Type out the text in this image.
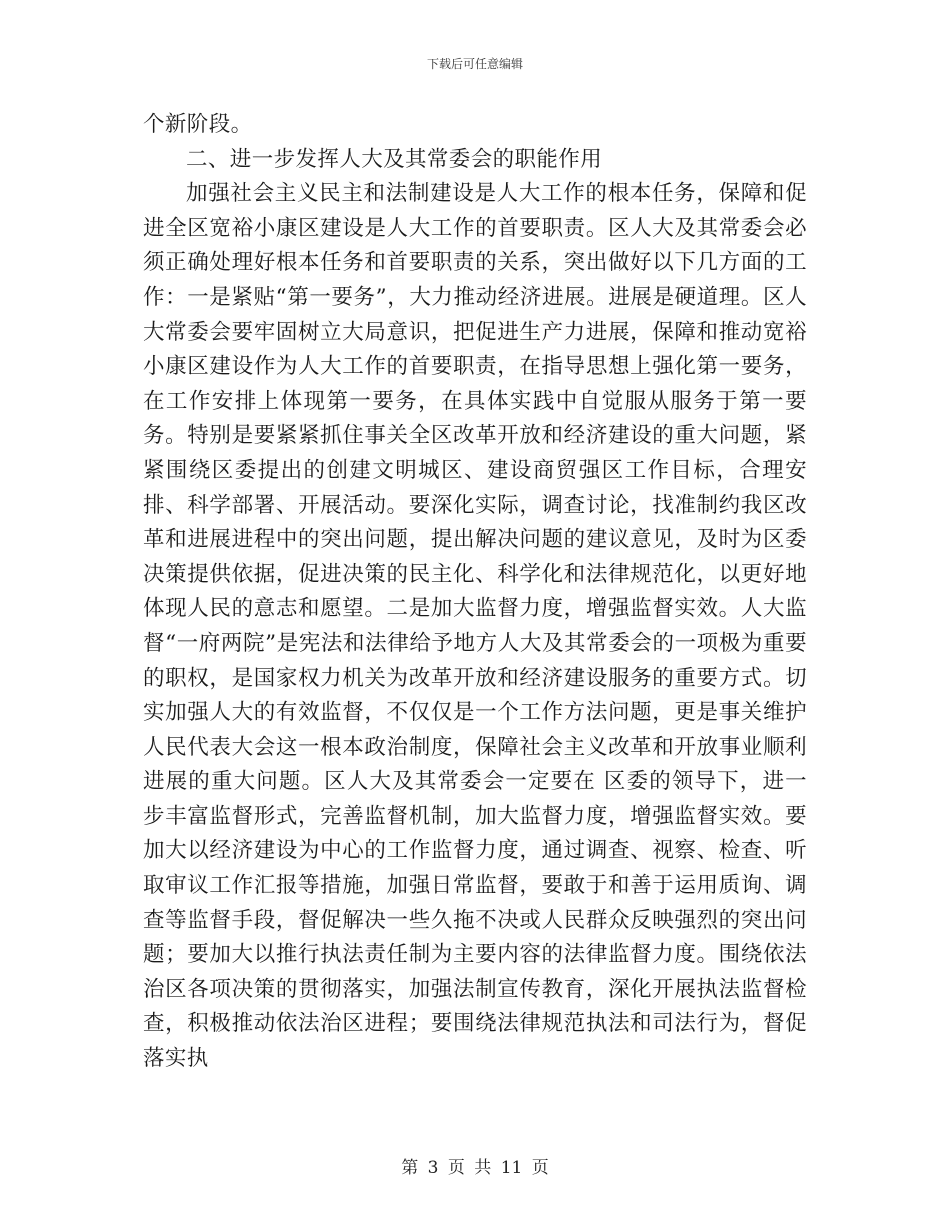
下载后可任意编辑

个新阶段。

二、进一步发挥人大及其常委会的职能作用

加强社会主义民主和法制建设是人大工作的根本任务，保障和促进全区宽裕小康区建设是人大工作的首要职责。区人大及其常委会必须正确处理好根本任务和首要职责的关系，突出做好以下几方面的工作：一是紧贴“第一要务”，大力推动经济进展。进展是硬道理。区人大常委会要牢固树立大局意识，把促进生产力进展，保障和推动宽裕小康区建设作为人大工作的首要职责，在指导思想上强化第一要务，在工作安排上体现第一要务，在具体实践中自觉服从服务于第一要务。特别是要紧紧抓住事关全区改革开放和经济建设的重大问题，紧紧围绕区委提出的创建文明城区、建设商贸强区工作目标，合理安排、科学部署、开展活动。要深化实际，调查讨论，找准制约我区改革和进展进程中的突出问题，提出解决问题的建议意见，及时为区委决策提供依据，促进决策的民主化、科学化和法律规范化，以更好地体现人民的意志和愿望。二是加大监督力度，增强监督实效。人大监督“一府两院”是宪法和法律给予地方人大及其常委会的一项极为重要的职权，是国家权力机关为改革开放和经济建设服务的重要方式。切实加强人大的有效监督，不仅仅是一个工作方法问题，更是事关维护人民代表大会这一根本政治制度，保障社会主义改革和开放事业顺利进展的重大问题。区人大及其常委会一定要在 区委的领导下，进一步丰富监督形式，完善监督机制，加大监督力度，增强监督实效。要加大以经济建设为中心的工作监督力度，通过调查、视察、检查、听取审议工作汇报等措施，加强日常监督，要敢于和善于运用质询、调查等监督手段，督促解决一些久拖不决或人民群众反映强烈的突出问题；要加大以推行执法责任制为主要内容的法律监督力度。围绕依法治区各项决策的贯彻落实，加强法制宣传教育，深化开展执法监督检查，积极推动依法治区进程；要围绕法律规范执法和司法行为，督促落实执

第 3 页 共 11 页
